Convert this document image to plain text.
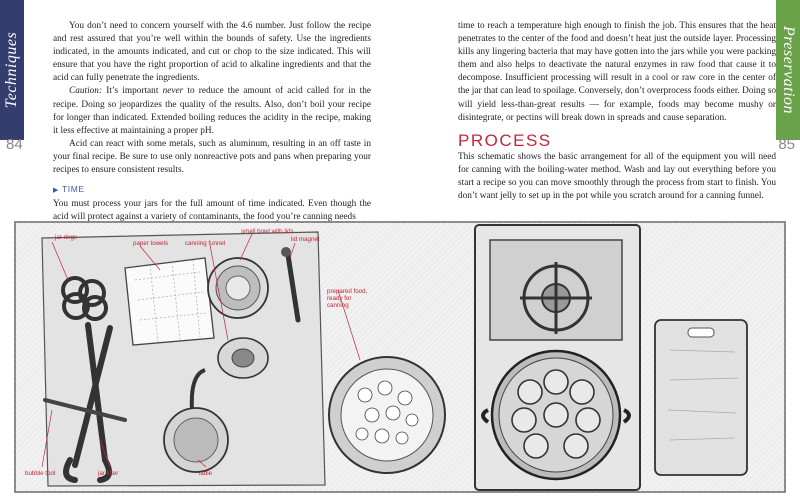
Techniques	Preservation
84	85

You don’t need to concern yourself with the 4.6 number. Just follow the recipe and rest assured that you’re well within the bounds of safety. Use the ingredients indicated, in the amounts indicated, and cut or chop to the size indicated. This will ensure that you have the right proportion of acid to alkaline ingredients and that the acid can fully penetrate the ingredients.

Caution: It’s important never to reduce the amount of acid called for in the recipe. Doing so jeopardizes the quality of the results. Also, don’t boil your recipe for longer than indicated. Extended boiling reduces the acidity in the recipe, making it less effective at maintaining a proper pH.

Acid can react with some metals, such as aluminum, resulting in an off taste in your final recipe. Be sure to use only nonreactive pots and pans when preparing your recipes to ensure consistent results.

▶ TIME

You must process your jars for the full amount of time indicated. Even though the acid will protect against a variety of contaminants, the food you’re canning needs

time to reach a temperature high enough to finish the job. This ensures that the heat penetrates to the center of the food and doesn’t heat just the outside layer. Processing kills any lingering bacteria that may have gotten into the jars while you were packing them and also helps to deactivate the natural enzymes in raw food that cause it to decompose. Insufficient processing will result in a cool or raw core in the center of the jar that can lead to spoilage. Conversely, don’t overprocess foods either. Doing so will yield less-than-great results — for example, foods may become mushy or disintegrate, or pectins will break down in spreads and cause separation.

PROCESS

This schematic shows the basic arrangement for all of the equipment you will need for canning with the boiling-water method. Wash and lay out everything before you start a recipe so you can move smoothly through the process from start to finish. You don’t want jelly to set up in the pot while you scratch around for a canning funnel.

jar rings
paper towels
small bowl with lids
canning funnel
lid magnet
prepared food,
ready for
canning
bubble tool	jar lifter	ladle
